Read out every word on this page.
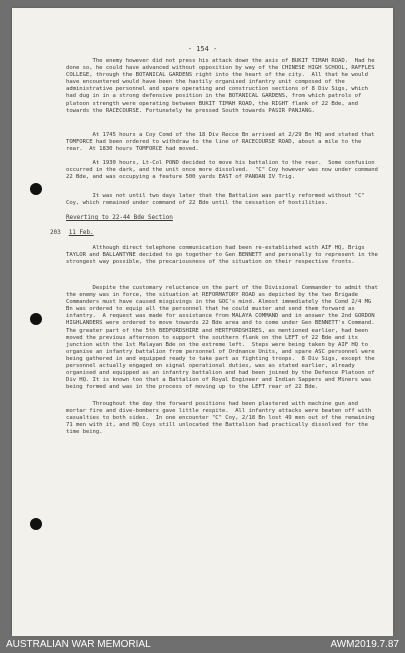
- 154 -

The enemy however did not press his attack down the axis of BUKIT TIMAH ROAD.  Had he done so, he could have advanced without opposition by way of the CHINESE HIGH SCHOOL, RAFFLES COLLEGE, through the BOTANICAL GARDENS right into the heart of the city.  All that he would have encountered would have been the hastily organised infantry unit composed of the administrative personnel and spare operating and construction sections of 8 Div Sigs, which had dug in in a strong defensive position in the BOTANICAL GARDENS, from which patrols of platoon strength were operating between BUKIT TIMAH ROAD, the RIGHT flank of 22 Bde, and towards the RACECOURSE. Fortunately he pressed South towards PASIR PANJANG.

At 1745 hours a Coy Comd of the 18 Div Recce Bn arrived at 2/29 Bn HQ and stated that TOMFORCE had been ordered to withdraw to the line of RACECOURSE ROAD, about a mile to the rear.  At 1830 hours TOMFORCE had moved.

At 1930 hours, Lt-Col POND decided to move his battalion to the rear.  Some confusion occurred in the dark, and the unit once more dissolved.  "C" Coy however was now under command 22 Bde, and was occupying a feature 500 yards EAST of PANDAN IV Trig.

It was not until two days later that the Battalion was partly reformed without "C" Coy, which remained under command of 22 Bde until the cessation of hostilities.

Reverting to 22-44 Bde Section

203 11 Feb.

Although direct telephone communication had been re-established with AIF HQ, Brigs TAYLOR and BALLANTYNE decided to go together to Gen BENNETT and personally to represent in the strongest way possible, the precariousness of the situation on their respective fronts.

Despite the customary reluctance on the part of the Divisional Commander to admit that the enemy was in force, the situation at REFORMATORY ROAD as depicted by the two Brigade Commanders must have caused misgivings in the GOC's mind. Almost immediately the Comd 2/4 MG Bn was ordered to equip all the personnel that he could muster and send them forward as infantry.  A request was made for assistance from MALAYA COMMAND and in answer the 2nd GORDON HIGHLANDERS were ordered to move towards 22 Bde area and to come under Gen BENNETT's Command.  The greater part of the 5th BEDFORDSHIRE and HERTFORDSHIRES, as mentioned earlier, had been moved the previous afternoon to support the southern flank on the LEFT of 22 Bde and its junction with the 1st Malayan Bde on the extreme left.  Steps were being taken by AIF HQ to organise an infantry battalion from personnel of Ordnance Units, and spare ASC personnel were being gathered in and equipped ready to take part as fighting troops.  8 Div Sigs, except the personnel actually engaged on signal operational duties, was as stated earlier, already organised and equipped as an infantry battalion and had been joined by the Defence Platoon of Div HQ. It is known too that a Battalion of Royal Engineer and Indian Sappers and Miners was being formed and was in the process of moving up to the LEFT rear of 22 Bde.

Throughout the day the forward positions had been plastered with machine gun and mortar fire and dive-bombers gave little respite.  All infantry attacks were beaten off with casualties to both sides.  In one encounter "C" Coy, 2/18 Bn lost 49 men out of the remaining 71 men with it, and HQ Coys still unlocated the Battalion had practically dissolved for the time being.

AUSTRALIAN WAR MEMORIAL	AWM2019.7.87
